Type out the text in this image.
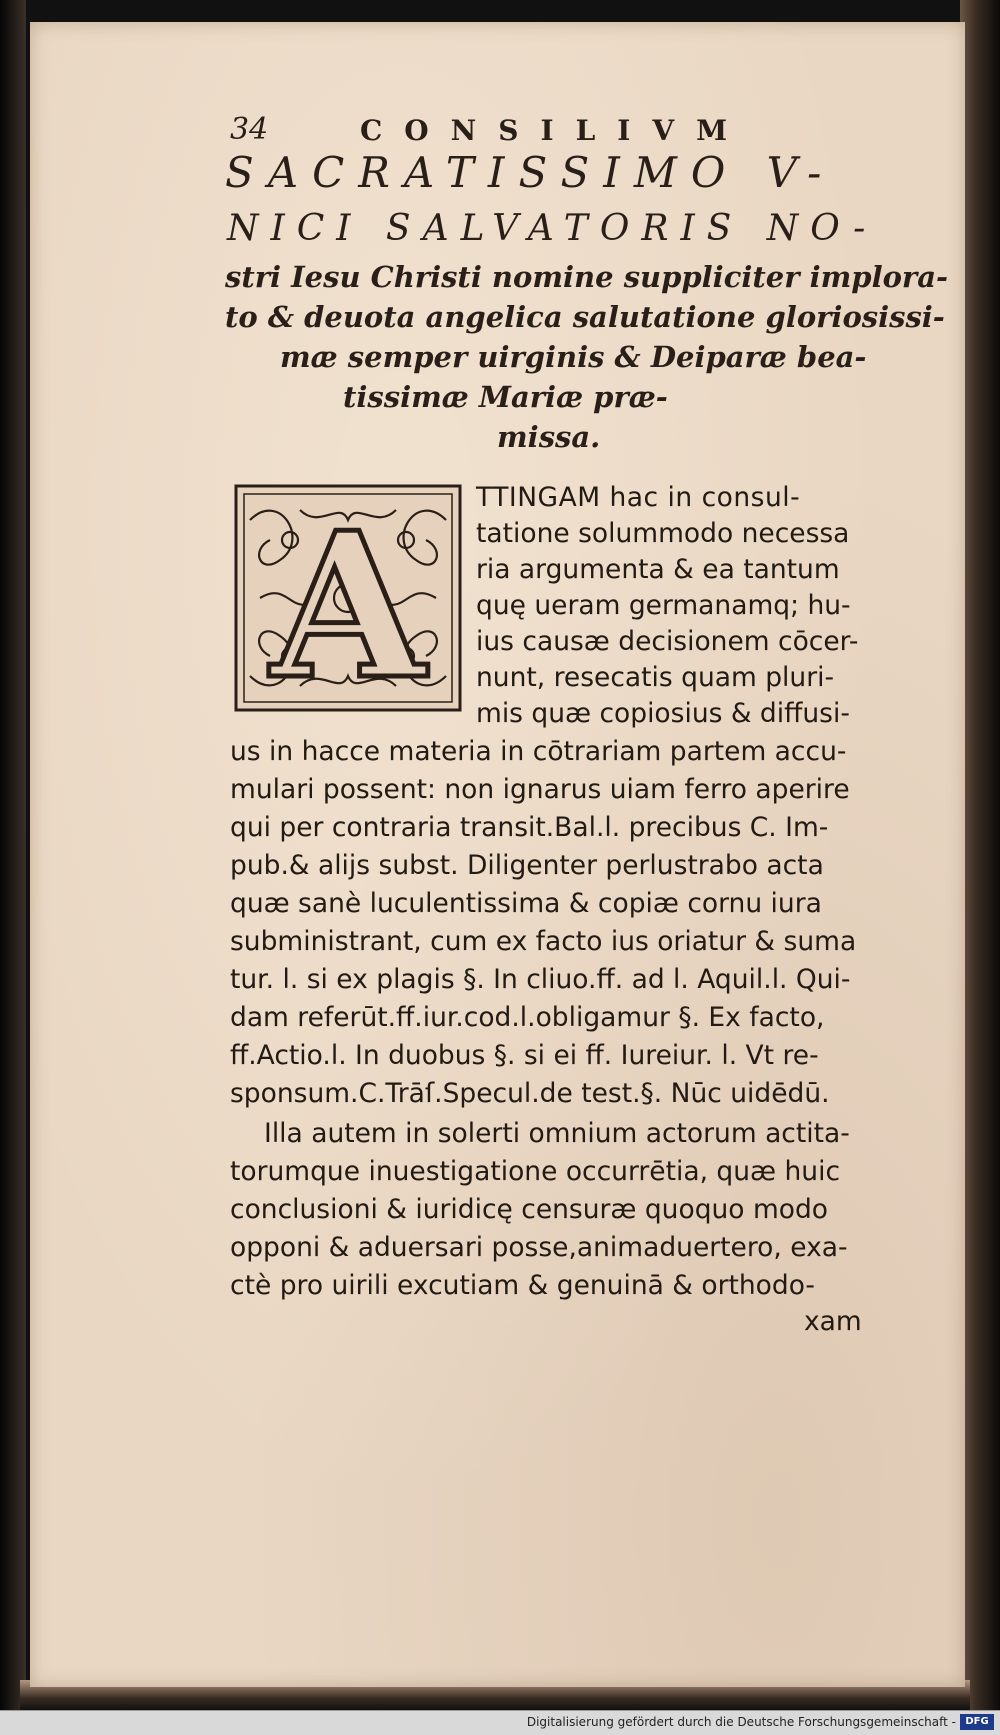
34	CONSILIVM
SACRATISSIMO V-
NICI SALVATORIS NO-
stri Iesu Christi nomine suppliciter implora-
to & deuota angelica salutatione gloriosissi-
mæ semper uirginis & Deiparæ bea-
tissimæ Mariæ præ-
missa.
A TTINGAM hac in consul-
tatione solummodo necessa
ria argumenta & ea tantum
quę ueram germanamq; hu-
ius causæ decisionem cōcer-
nunt, resecatis quam pluri-
mis quæ copiosius & diffusi-
us in hacce materia in cōtrariam partem accu-
mulari possent: non ignarus uiam ferro aperire
qui per contraria transit.Bal.l. precibus C. Im-
pub.& alijs subst. Diligenter perlustrabo acta
quæ sanè luculentissima & copiæ cornu iura
subministrant, cum ex facto ius oriatur & suma
tur. l. si ex plagis §. In cliuo.ff. ad l. Aquil.l. Qui-
dam referūt.ff.iur.cod.l.obligamur §. Ex facto,
ff.Actio.l. In duobus §. si ei ff. Iureiur. l. Vt re-
sponsum.C.Trāſ.Specul.de test.§. Nūc uidēdū.
Illa autem in solerti omnium actorum actita-
torumque inuestigatione occurrētia, quæ huic
conclusioni & iuridicę censuræ quoquo modo
opponi & aduersari posse,animaduertero, exa-
ctè pro uirili excutiam & genuinā & orthodo-
xam
Digitalisierung gefördert durch die Deutsche Forschungsgemeinschaft - DFG
